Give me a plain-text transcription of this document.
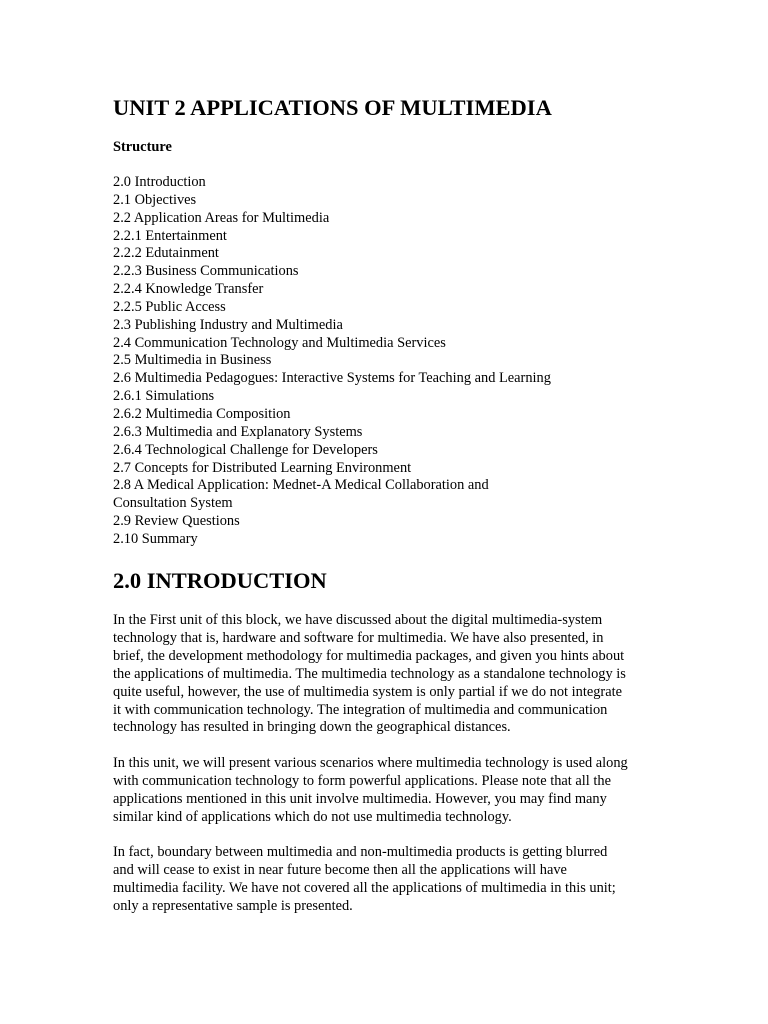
UNIT 2 APPLICATIONS OF MULTIMEDIA
Structure
2.0 Introduction
2.1 Objectives
2.2 Application Areas for Multimedia
2.2.1 Entertainment
2.2.2 Edutainment
2.2.3 Business Communications
2.2.4 Knowledge Transfer
2.2.5 Public Access
2.3 Publishing Industry and Multimedia
2.4 Communication Technology and Multimedia Services
2.5 Multimedia in Business
2.6 Multimedia Pedagogues: Interactive Systems for Teaching and Learning
2.6.1 Simulations
2.6.2 Multimedia Composition
2.6.3 Multimedia and Explanatory Systems
2.6.4 Technological Challenge for Developers
2.7 Concepts for Distributed Learning Environment
2.8 A Medical Application: Mednet-A Medical Collaboration and
Consultation System
2.9 Review Questions
2.10 Summary
2.0 INTRODUCTION

In the First unit of this block, we have discussed about the digital multimedia-system
technology that is, hardware and software for multimedia. We have also presented, in
brief, the development methodology for multimedia packages, and given you hints about
the applications of multimedia. The multimedia technology as a standalone technology is
quite useful, however, the use of multimedia system is only partial if we do not integrate
it with communication technology. The integration of multimedia and communication
technology has resulted in bringing down the geographical distances.

In this unit, we will present various scenarios where multimedia technology is used along
with communication technology to form powerful applications. Please note that all the
applications mentioned in this unit involve multimedia. However, you may find many
similar kind of applications which do not use multimedia technology.

In fact, boundary between multimedia and non-multimedia products is getting blurred
and will cease to exist in near future become then all the applications will have
multimedia facility. We have not covered all the applications of multimedia in this unit;
only a representative sample is presented.
